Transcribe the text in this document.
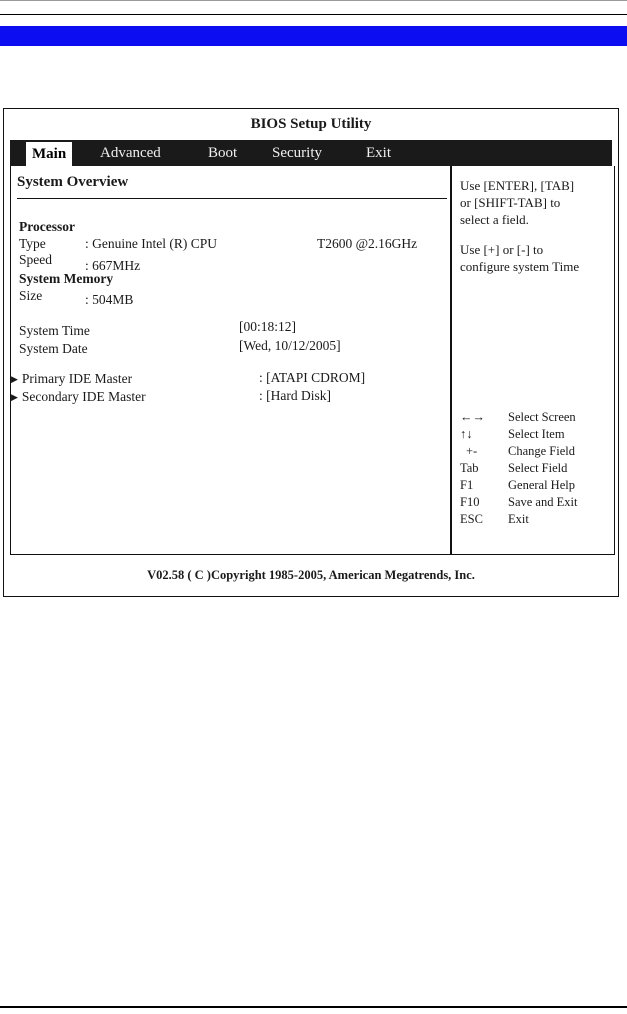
BIOS Setup Utility
Main	Advanced	Boot	Security	Exit
System Overview
Processor
Type	: Genuine Intel (R) CPU	T2600 @2.16GHz
Speed : 667MHz
System Memory
Size	: 504MB
System Time	[00:18:12]
System Date	[Wed, 10/12/2005]
▶ Primary IDE Master	: [ATAPI CDROM]
▶ Secondary IDE Master	: [Hard Disk]
Use [ENTER], [TAB]
or [SHIFT-TAB] to
select a field.
Use [+] or [-] to
configure system Time
←→ Select Screen
↑↓	Select Item
+- Change Field
Tab Select Field
F1	General Help
F10 Save and Exit
ESC Exit
V02.58 ( C )Copyright 1985-2005, American Megatrends, Inc.
